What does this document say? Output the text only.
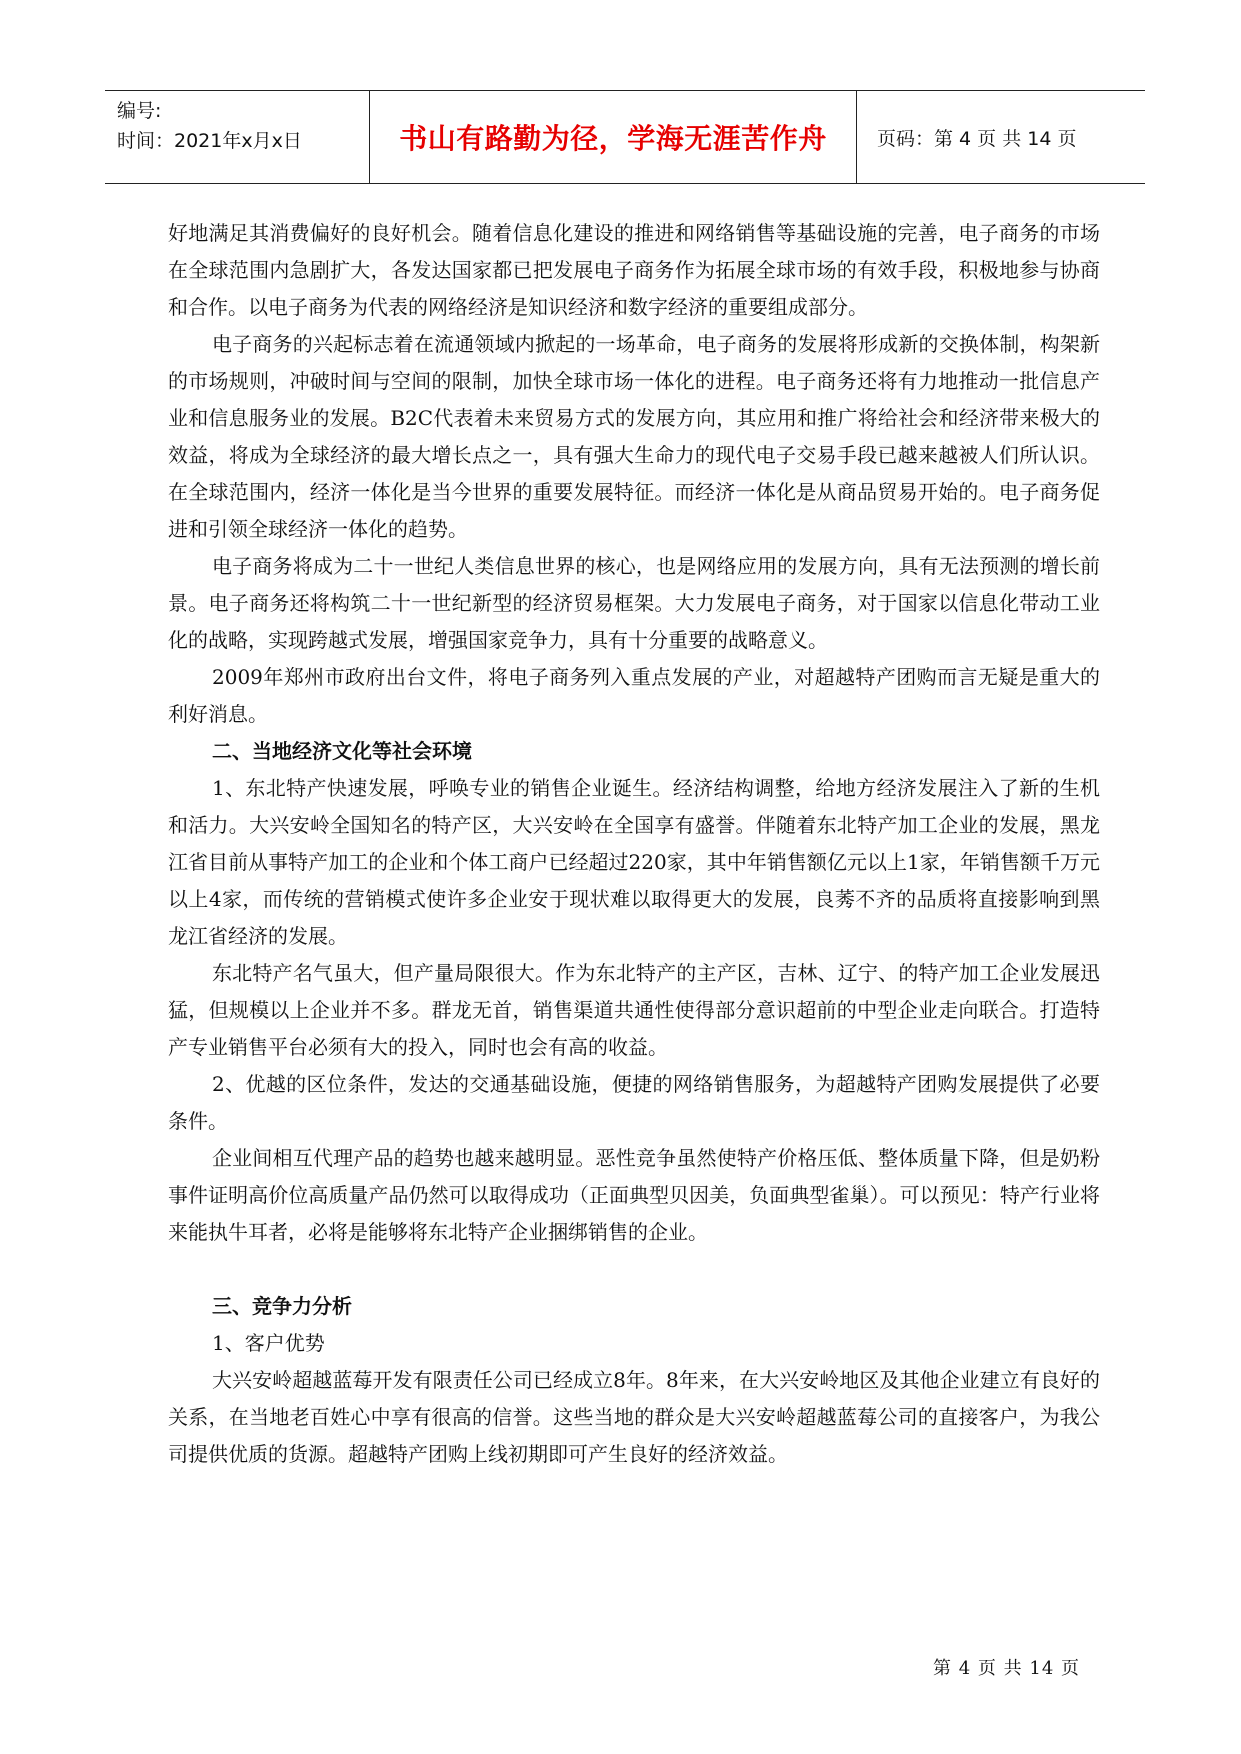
编号:
时间：2021年x月x日	书山有路勤为径，学海无涯苦作舟	页码：第 4 页 共 14 页

好地满足其消费偏好的良好机会。随着信息化建设的推进和网络销售等基础设施的完善，电子商务的市场在全球范围内急剧扩大，各发达国家都已把发展电子商务作为拓展全球市场的有效手段，积极地参与协商和合作。以电子商务为代表的网络经济是知识经济和数字经济的重要组成部分。

电子商务的兴起标志着在流通领域内掀起的一场革命，电子商务的发展将形成新的交换体制，构架新的市场规则，冲破时间与空间的限制，加快全球市场一体化的进程。电子商务还将有力地推动一批信息产业和信息服务业的发展。B2C代表着未来贸易方式的发展方向，其应用和推广将给社会和经济带来极大的效益，将成为全球经济的最大增长点之一，具有强大生命力的现代电子交易手段已越来越被人们所认识。在全球范围内，经济一体化是当今世界的重要发展特征。而经济一体化是从商品贸易开始的。电子商务促进和引领全球经济一体化的趋势。

电子商务将成为二十一世纪人类信息世界的核心，也是网络应用的发展方向，具有无法预测的增长前景。电子商务还将构筑二十一世纪新型的经济贸易框架。大力发展电子商务，对于国家以信息化带动工业化的战略，实现跨越式发展，增强国家竞争力，具有十分重要的战略意义。

2009年郑州市政府出台文件，将电子商务列入重点发展的产业，对超越特产团购而言无疑是重大的利好消息。

二、当地经济文化等社会环境

1、东北特产快速发展，呼唤专业的销售企业诞生。经济结构调整，给地方经济发展注入了新的生机和活力。大兴安岭全国知名的特产区，大兴安岭在全国享有盛誉。伴随着东北特产加工企业的发展，黑龙江省目前从事特产加工的企业和个体工商户已经超过220家，其中年销售额亿元以上1家，年销售额千万元以上4家，而传统的营销模式使许多企业安于现状难以取得更大的发展，良莠不齐的品质将直接影响到黑龙江省经济的发展。

东北特产名气虽大，但产量局限很大。作为东北特产的主产区，吉林、辽宁、的特产加工企业发展迅猛，但规模以上企业并不多。群龙无首，销售渠道共通性使得部分意识超前的中型企业走向联合。打造特产专业销售平台必须有大的投入，同时也会有高的收益。

2、优越的区位条件，发达的交通基础设施，便捷的网络销售服务，为超越特产团购发展提供了必要条件。

企业间相互代理产品的趋势也越来越明显。恶性竞争虽然使特产价格压低、整体质量下降，但是奶粉事件证明高价位高质量产品仍然可以取得成功（正面典型贝因美，负面典型雀巢）。可以预见：特产行业将来能执牛耳者，必将是能够将东北特产企业捆绑销售的企业。

三、竞争力分析

1、客户优势

大兴安岭超越蓝莓开发有限责任公司已经成立8年。8年来，在大兴安岭地区及其他企业建立有良好的关系，在当地老百姓心中享有很高的信誉。这些当地的群众是大兴安岭超越蓝莓公司的直接客户，为我公司提供优质的货源。超越特产团购上线初期即可产生良好的经济效益。

第 4 页 共 14 页
